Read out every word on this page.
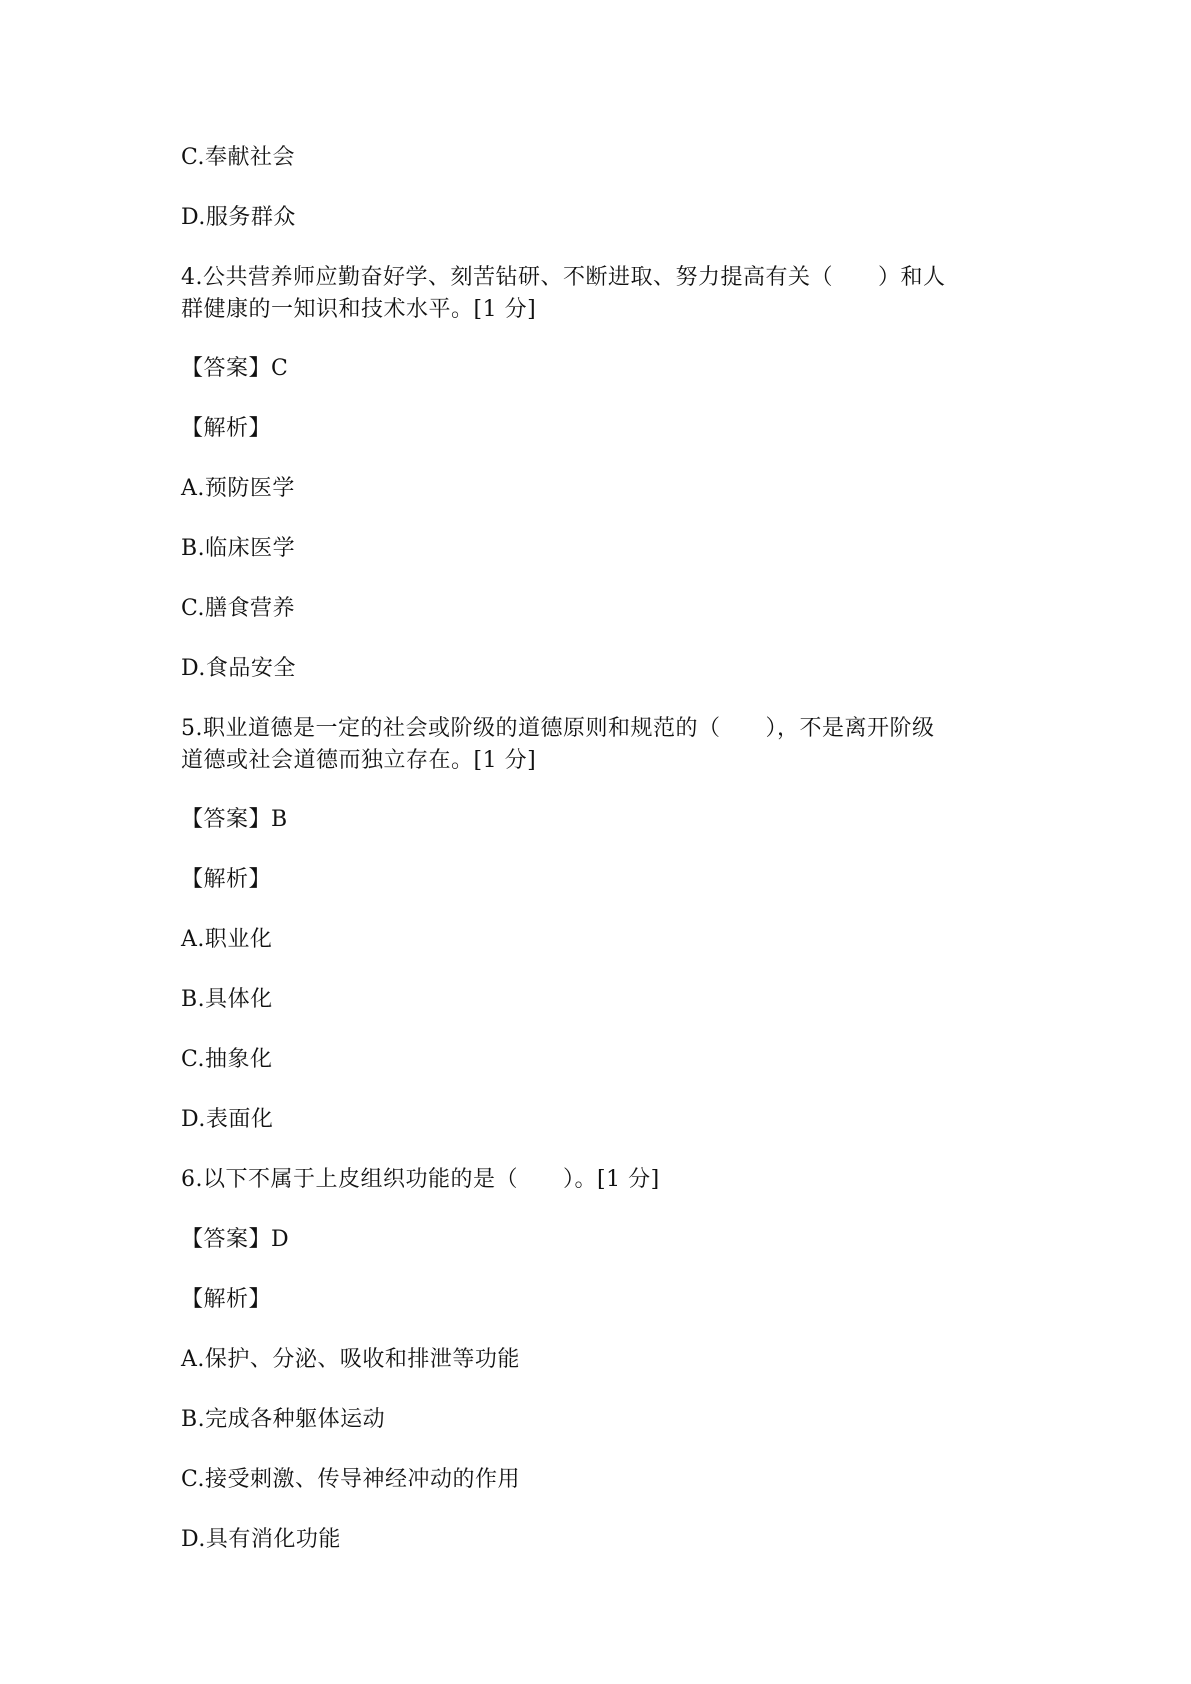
C.奉献社会
D.服务群众
4.公共营养师应勤奋好学、刻苦钻研、不断进取、努力提高有关（　　）和人
群健康的一知识和技术水平。[1 分]
【答案】C
【解析】
A.预防医学
B.临床医学
C.膳食营养
D.食品安全
5.职业道德是一定的社会或阶级的道德原则和规范的（　　），不是离开阶级
道德或社会道德而独立存在。[1 分]
【答案】B
【解析】
A.职业化
B.具体化
C.抽象化
D.表面化
6.以下不属于上皮组织功能的是（　　）。[1 分]
【答案】D
【解析】
A.保护、分泌、吸收和排泄等功能
B.完成各种躯体运动
C.接受刺激、传导神经冲动的作用
D.具有消化功能
